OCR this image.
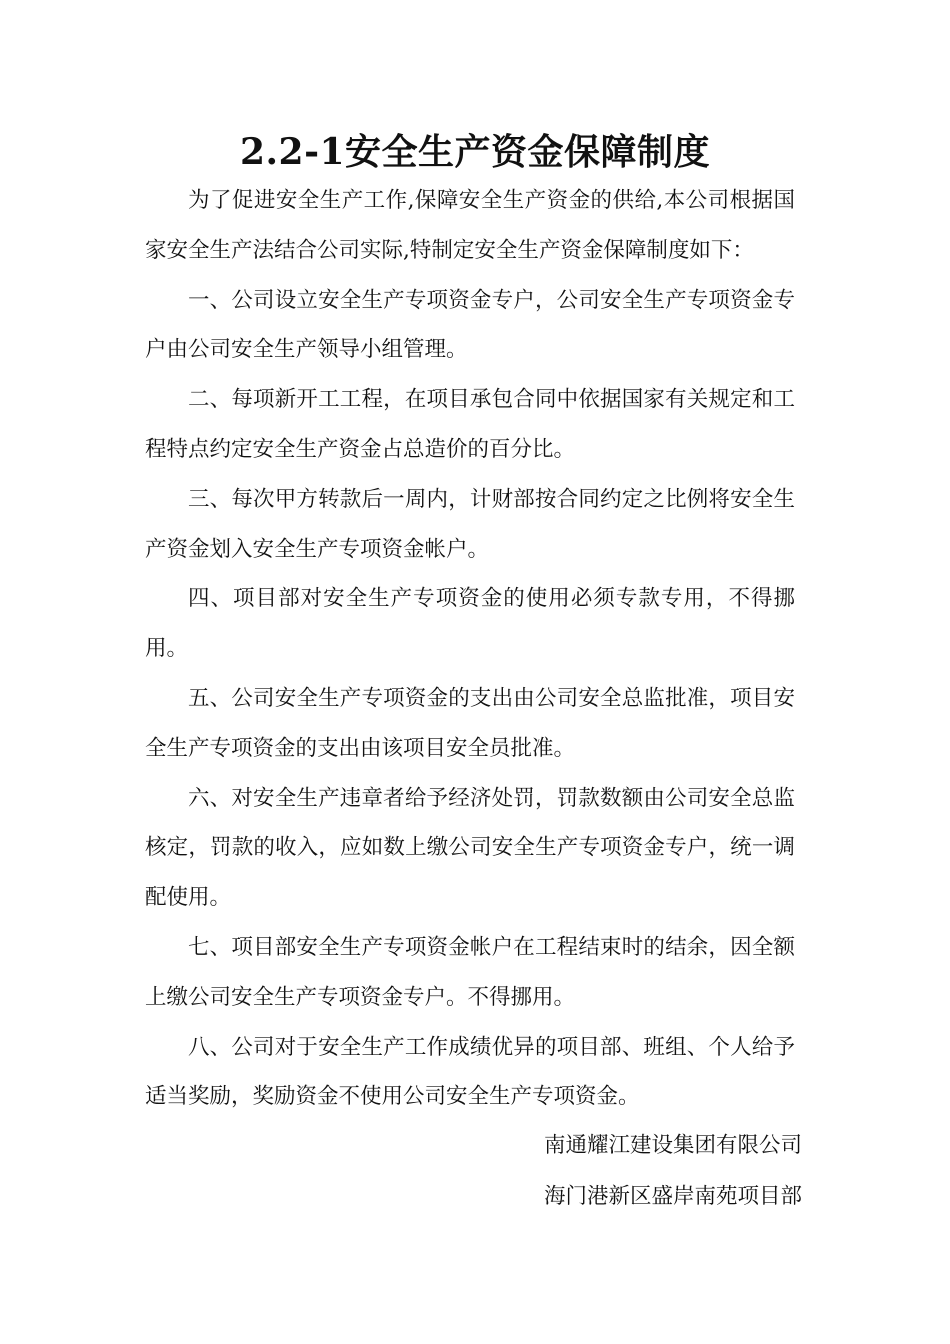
2.2-1安全生产资金保障制度

为了促进安全生产工作,保障安全生产资金的供给,本公司根据国家安全生产法结合公司实际,特制定安全生产资金保障制度如下：

一、公司设立安全生产专项资金专户，公司安全生产专项资金专户由公司安全生产领导小组管理。

二、每项新开工工程，在项目承包合同中依据国家有关规定和工程特点约定安全生产资金占总造价的百分比。

三、每次甲方转款后一周内，计财部按合同约定之比例将安全生产资金划入安全生产专项资金帐户。

四、项目部对安全生产专项资金的使用必须专款专用，不得挪用。

五、公司安全生产专项资金的支出由公司安全总监批准，项目安全生产专项资金的支出由该项目安全员批准。

六、对安全生产违章者给予经济处罚，罚款数额由公司安全总监核定，罚款的收入，应如数上缴公司安全生产专项资金专户，统一调配使用。

七、项目部安全生产专项资金帐户在工程结束时的结余，因全额上缴公司安全生产专项资金专户。不得挪用。

八、公司对于安全生产工作成绩优异的项目部、班组、个人给予适当奖励，奖励资金不使用公司安全生产专项资金。

南通耀江建设集团有限公司
海门港新区盛岸南苑项目部
